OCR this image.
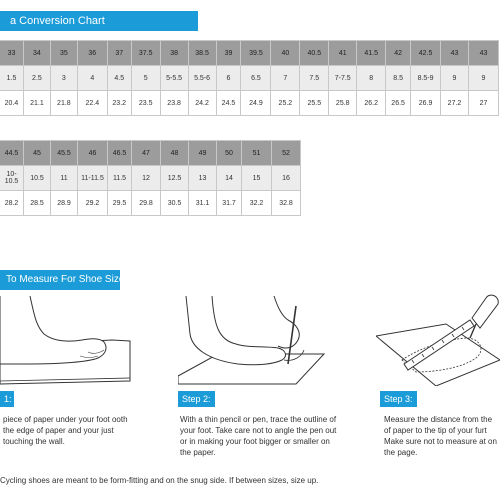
a Conversion Chart
33	34	35	36	37	37.5	38	38.5	39	39.5	40	40.5	41	41.5	42	42.5	43	43
1.5	2.5	3	4	4.5	5	5-5.5	5.5-6	6	6.5	7	7.5	7-7.5	8	8.5	8.5-9	9	9
20.4	21.1	21.8	22.4	23.2	23.5	23.8	24.2	24.5	24.9	25.2	25.5	25.8	26.2	26.5	26.9	27.2	27
44.5	45	45.5	46	46.5	47	48	49	50	51	52
10-10.5	10.5	11	11-11.5	11.5	12	12.5	13	14	15	16
28.2	28.5	28.9	29.2	29.5	29.8	30.5	31.1	31.7	32.2	32.8
To Measure For Shoe Size
1:	Step 2:	Step 3:
piece of paper under your foot ooth the edge of paper and your just touching the wall.
With a thin pencil or pen, trace the outline of your foot. Take care not to angle the pen out or in making your foot bigger or smaller on the paper.
Measure the distance from the of paper to the tip of your furt Make sure not to measure at on the page.
Cycling shoes are meant to be form-fitting and on the snug side. If between sizes, size up.
